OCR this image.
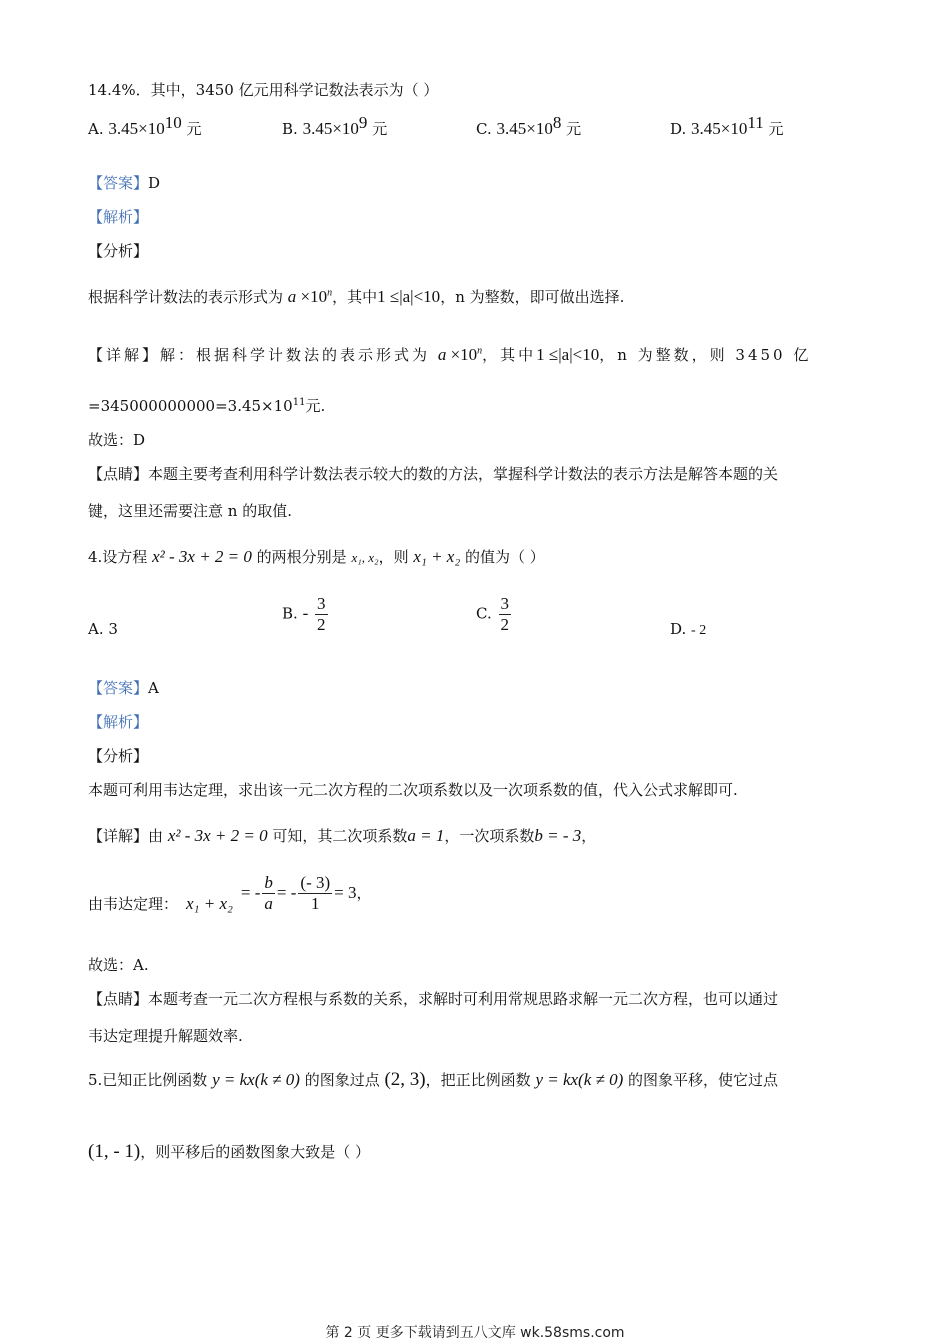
14.4%．其中，3450 亿元用科学记数法表示为（ ）
A. $3.45\times 10^{10}$ 元	B. $3.45\times 10^9$ 元	C. $3.45\times 10^8$ 元	D. $3.45\times 10^{11}$ 元
【答案】D
【解析】
【分析】
根据科学计数法的表示形式为 $a \times 10^n$，其中1 ≤|a|<10，n 为整数，即可做出选择.
【详解】解：根据科学计数法的表示形式为 $a \times 10^n$，其中1 ≤|a|<10，n 为整数，则 3450 亿
$=345000000000=3.45\times 10^{11}$元.
故选：D
【点睛】本题主要考查利用科学计数法表示较大的数的方法，掌握科学计数法的表示方法是解答本题的关
键，这里还需要注意 n 的取值.
4.设方程 x² - 3x + 2 = 0 的两根分别是 x₁, x₂，则 x₁ + x₂ 的值为（ ）
A. 3
B. - $\frac{3}{2}$	C. $\frac{3}{2}$	D. - 2
【答案】A
【解析】
【分析】
本题可利用韦达定理，求出该一元二次方程的二次项系数以及一次项系数的值，代入公式求解即可.
【详解】由 x² - 3x + 2 = 0 可知，其二次项系数a = 1，一次项系数b = - 3，
由韦达定理： x₁ + x₂
= - $\frac{b}{a}$ = - $\frac{(- 3)}{1} = 3$ ，
故选：A.
【点睛】本题考查一元二次方程根与系数的关系，求解时可利用常规思路求解一元二次方程，也可以通过
韦达定理提升解题效率.
5.已知正比例函数 y = kx(k ≠ 0) 的图象过点 (2, 3)，把正比例函数 y = kx(k ≠ 0) 的图象平移，使它过点
(1, - 1)，则平移后的函数图象大致是（ ）
第 2 页 更多下载请到五八文库 wk.58sms.com
